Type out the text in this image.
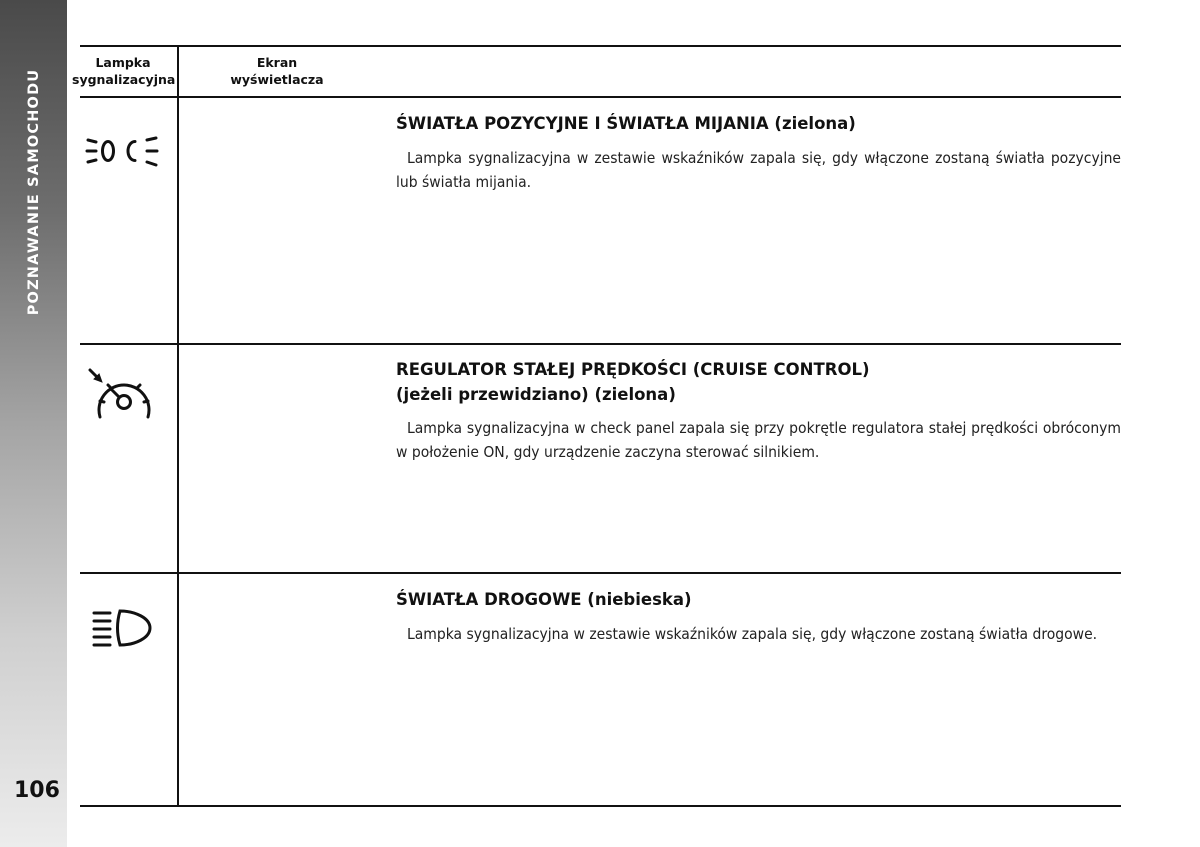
POZNAWANIE SAMOCHODU
106
Lampka
sygnalizacyjna
Ekran
wyświetlacza
ŚWIATŁA POZYCYJNE I ŚWIATŁA MIJANIA (zielona)

Lampka sygnalizacyjna w zestawie wskaźników zapala się, gdy włączone zostaną światła pozycyjne lub światła mijania.

REGULATOR STAŁEJ PRĘDKOŚCI (CRUISE CONTROL)
(jeżeli przewidziano) (zielona)

Lampka sygnalizacyjna w check panel zapala się przy pokrętle regulatora stałej prędkości obróconym w położenie ON, gdy urządzenie zaczyna sterować silnikiem.

ŚWIATŁA DROGOWE (niebieska)

Lampka sygnalizacyjna w zestawie wskaźników zapala się, gdy włączone zostaną światła drogowe.
